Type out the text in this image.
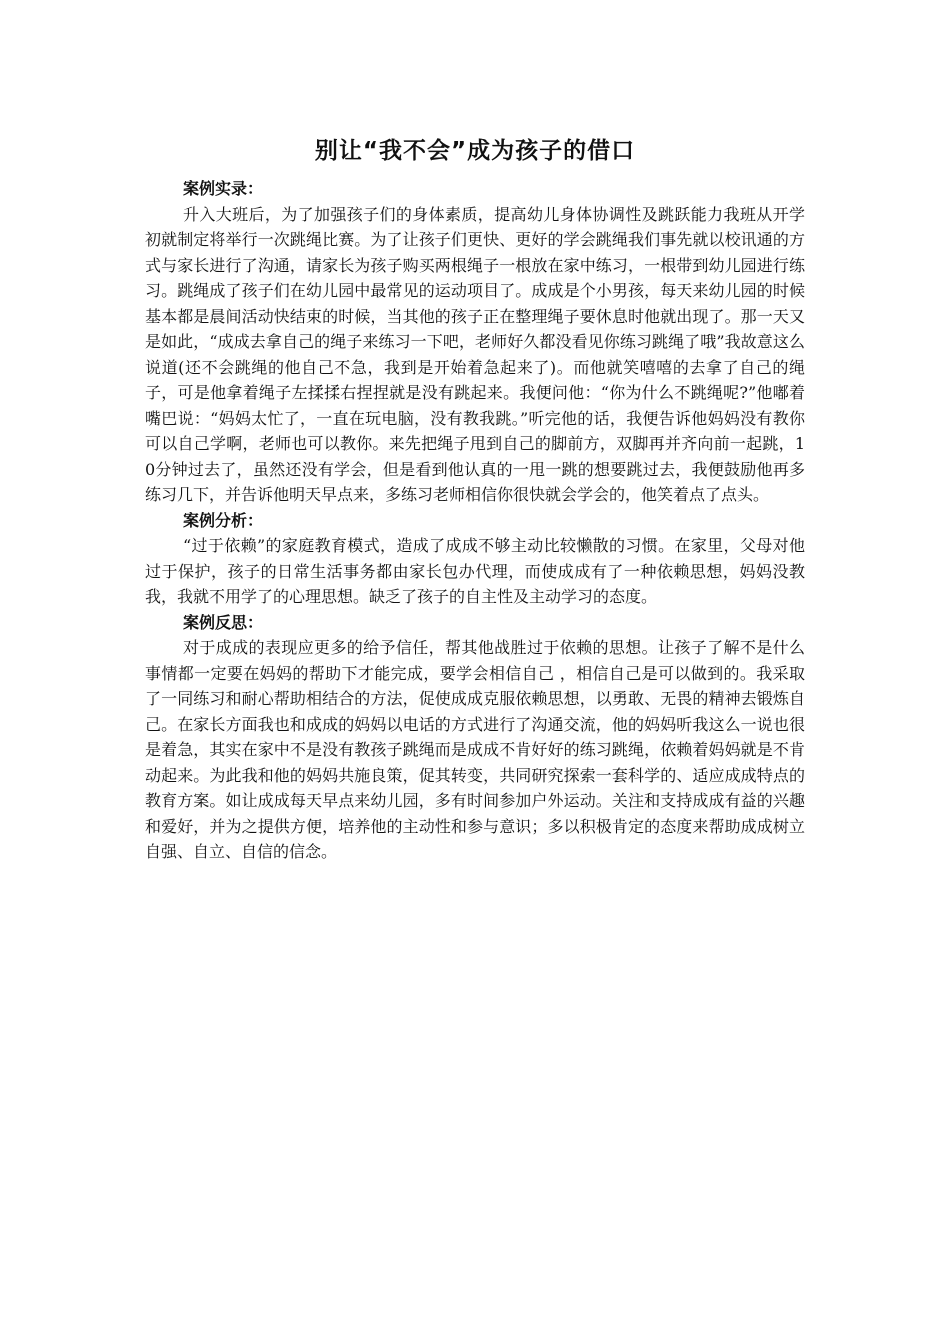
别让“我不会”成为孩子的借口

案例实录：

升入大班后，为了加强孩子们的身体素质，提高幼儿身体协调性及跳跃能力我班从开学初就制定将举行一次跳绳比赛。为了让孩子们更快、更好的学会跳绳我们事先就以校讯通的方式与家长进行了沟通，请家长为孩子购买两根绳子一根放在家中练习，一根带到幼儿园进行练习。跳绳成了孩子们在幼儿园中最常见的运动项目了。成成是个小男孩，每天来幼儿园的时候基本都是晨间活动快结束的时候，当其他的孩子正在整理绳子要休息时他就出现了。那一天又是如此，“成成去拿自己的绳子来练习一下吧，老师好久都没看见你练习跳绳了哦”我故意这么说道(还不会跳绳的他自己不急，我到是开始着急起来了)。而他就笑嘻嘻的去拿了自己的绳子，可是他拿着绳子左揉揉右捏捏就是没有跳起来。我便问他：“你为什么不跳绳呢?”他嘟着嘴巴说：“妈妈太忙了，一直在玩电脑，没有教我跳。”听完他的话，我便告诉他妈妈没有教你可以自己学啊，老师也可以教你。来先把绳子甩到自己的脚前方，双脚再并齐向前一起跳，10分钟过去了，虽然还没有学会，但是看到他认真的一甩一跳的想要跳过去，我便鼓励他再多练习几下，并告诉他明天早点来，多练习老师相信你很快就会学会的，他笑着点了点头。

案例分析：

“过于依赖”的家庭教育模式，造成了成成不够主动比较懒散的习惯。在家里，父母对他过于保护，孩子的日常生活事务都由家长包办代理，而使成成有了一种依赖思想，妈妈没教我，我就不用学了的心理思想。缺乏了孩子的自主性及主动学习的态度。

案例反思：

对于成成的表现应更多的给予信任，帮其他战胜过于依赖的思想。让孩子了解不是什么事情都一定要在妈妈的帮助下才能完成，要学会相信自己 ，相信自己是可以做到的。我采取了一同练习和耐心帮助相结合的方法，促使成成克服依赖思想，以勇敢、无畏的精神去锻炼自己。在家长方面我也和成成的妈妈以电话的方式进行了沟通交流，他的妈妈听我这么一说也很是着急，其实在家中不是没有教孩子跳绳而是成成不肯好好的练习跳绳，依赖着妈妈就是不肯动起来。为此我和他的妈妈共施良策，促其转变，共同研究探索一套科学的、适应成成特点的教育方案。如让成成每天早点来幼儿园，多有时间参加户外运动。关注和支持成成有益的兴趣和爱好，并为之提供方便，培养他的主动性和参与意识；多以积极肯定的态度来帮助成成树立自强、自立、自信的信念。
